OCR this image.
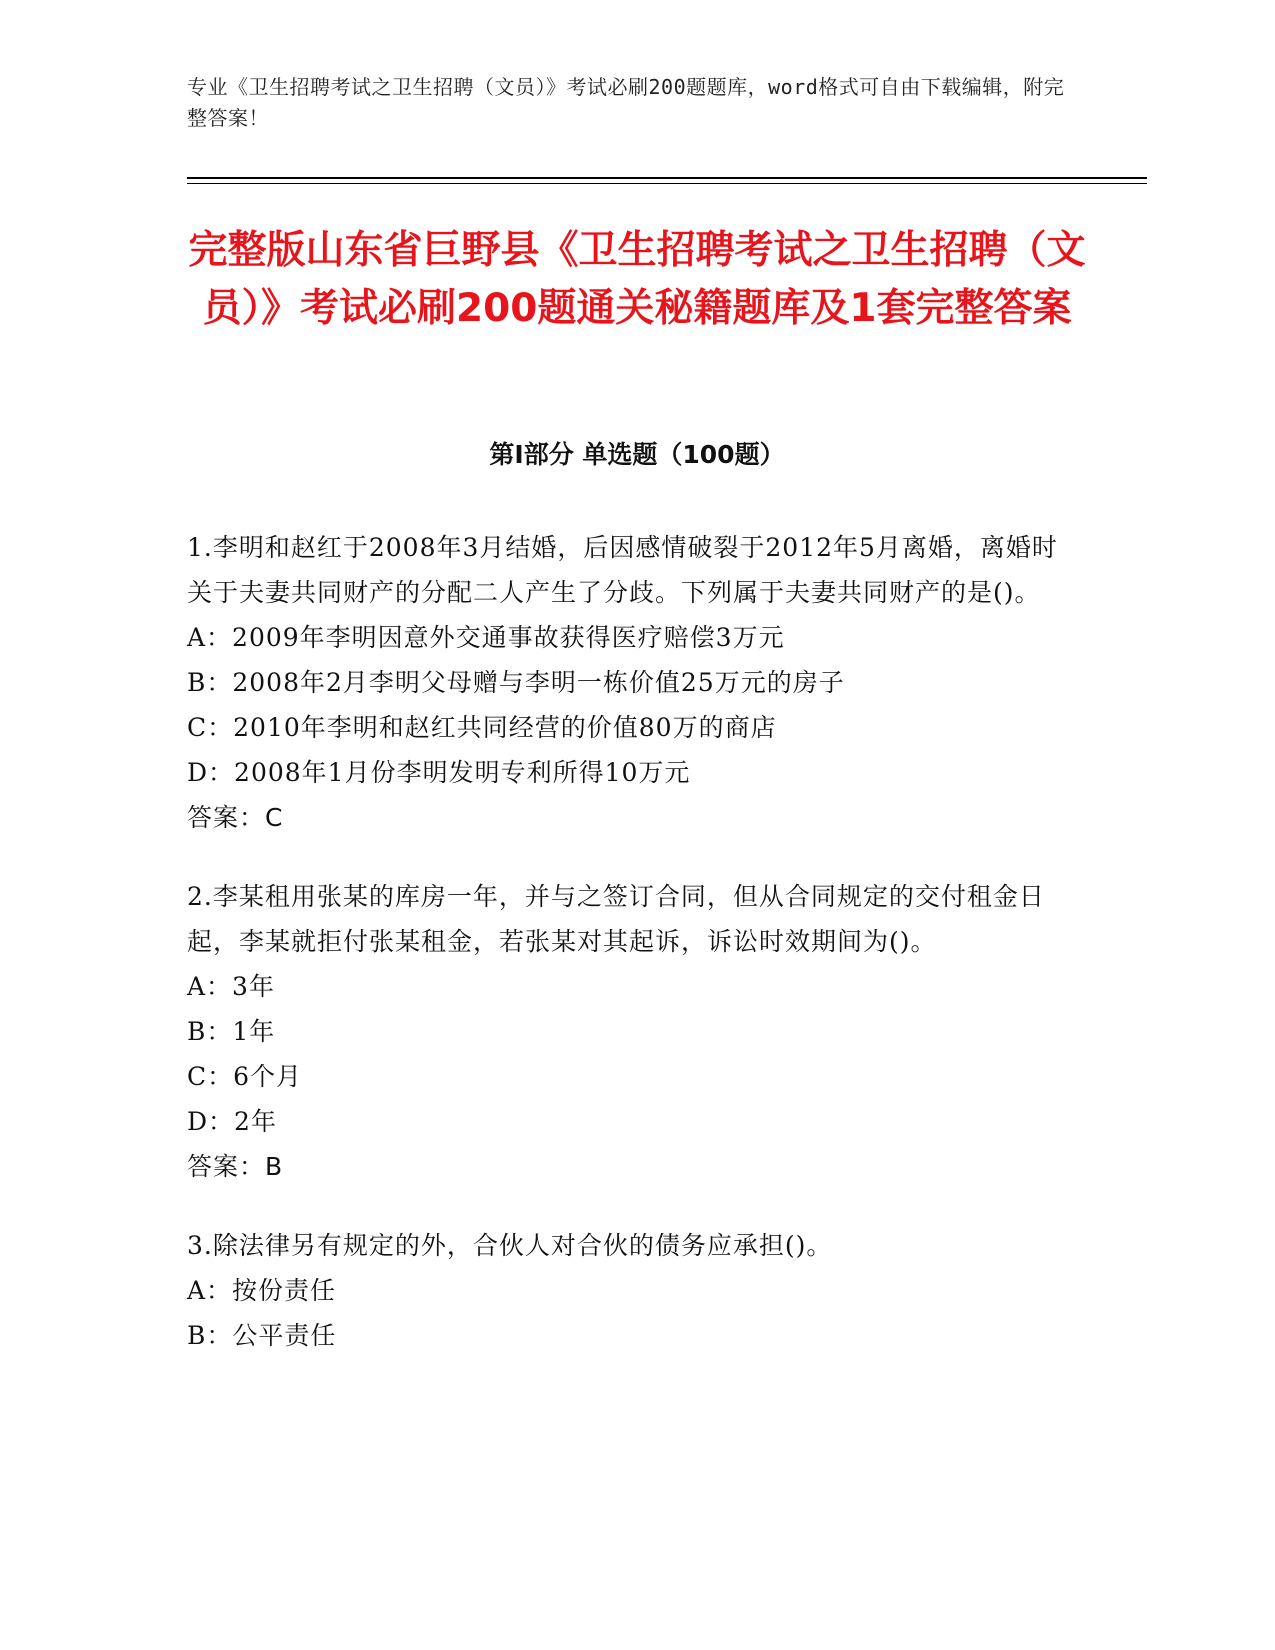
专业《卫生招聘考试之卫生招聘（文员）》考试必刷200题题库，word格式可自由下载编辑，附完整答案！
完整版山东省巨野县《卫生招聘考试之卫生招聘（文员）》考试必刷200题通关秘籍题库及1套完整答案
第Ⅰ部分 单选题（100题）

1.李明和赵红于2008年3月结婚，后因感情破裂于2012年5月离婚，离婚时关于夫妻共同财产的分配二人产生了分歧。下列属于夫妻共同财产的是()。

A：2009年李明因意外交通事故获得医疗赔偿3万元

B：2008年2月李明父母赠与李明一栋价值25万元的房子

C：2010年李明和赵红共同经营的价值80万的商店

D：2008年1月份李明发明专利所得10万元

答案：C

2.李某租用张某的库房一年，并与之签订合同，但从合同规定的交付租金日起，李某就拒付张某租金，若张某对其起诉，诉讼时效期间为()。

A：3年

B：1年

C：6个月

D：2年

答案：B

3.除法律另有规定的外，合伙人对合伙的债务应承担()。

A：按份责任

B：公平责任
